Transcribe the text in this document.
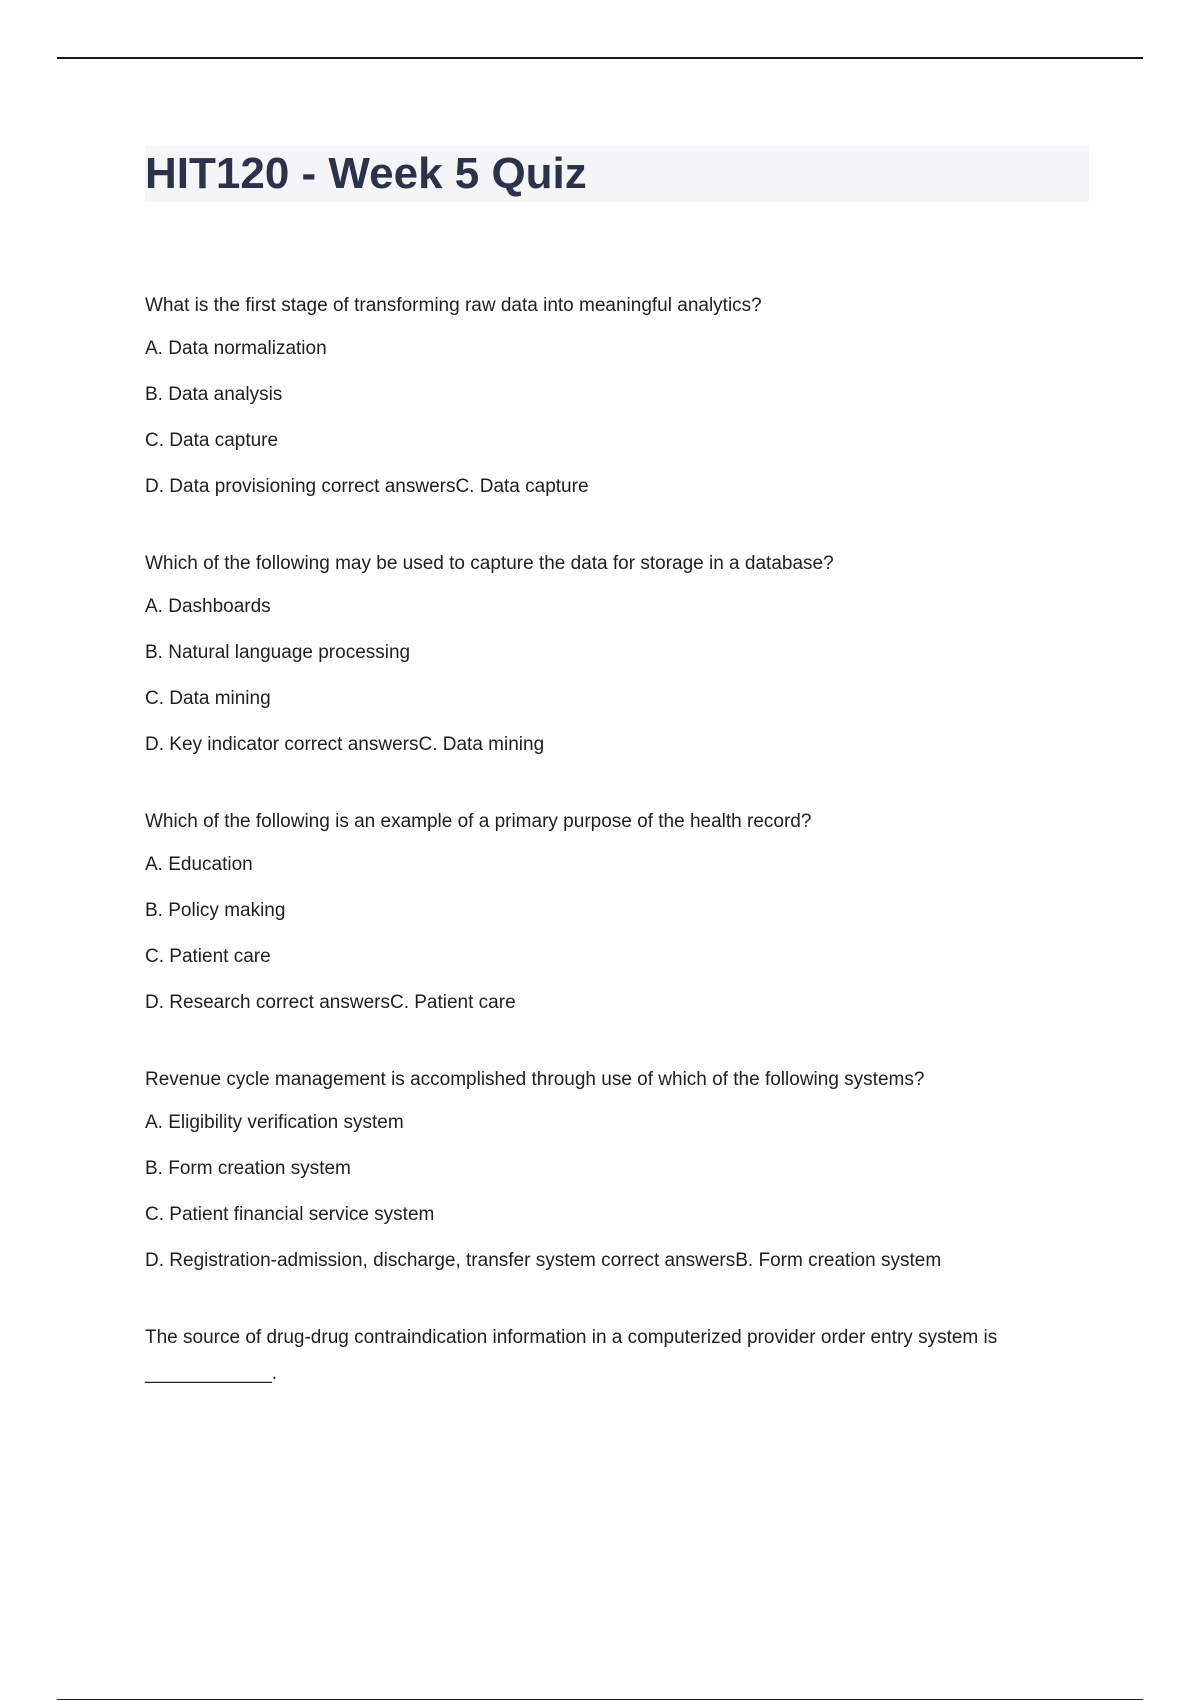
HIT120 - Week 5 Quiz

What is the first stage of transforming raw data into meaningful analytics?

A. Data normalization
B. Data analysis
C. Data capture
D. Data provisioning correct answersC. Data capture

Which of the following may be used to capture the data for storage in a database?

A. Dashboards
B. Natural language processing
C. Data mining
D. Key indicator correct answersC. Data mining

Which of the following is an example of a primary purpose of the health record?

A. Education
B. Policy making
C. Patient care
D. Research correct answersC. Patient care

Revenue cycle management is accomplished through use of which of the following systems?

A. Eligibility verification system
B. Form creation system
C. Patient financial service system
D. Registration-admission, discharge, transfer system correct answersB. Form creation system

The source of drug-drug contraindication information in a computerized provider order entry system is
____________.
